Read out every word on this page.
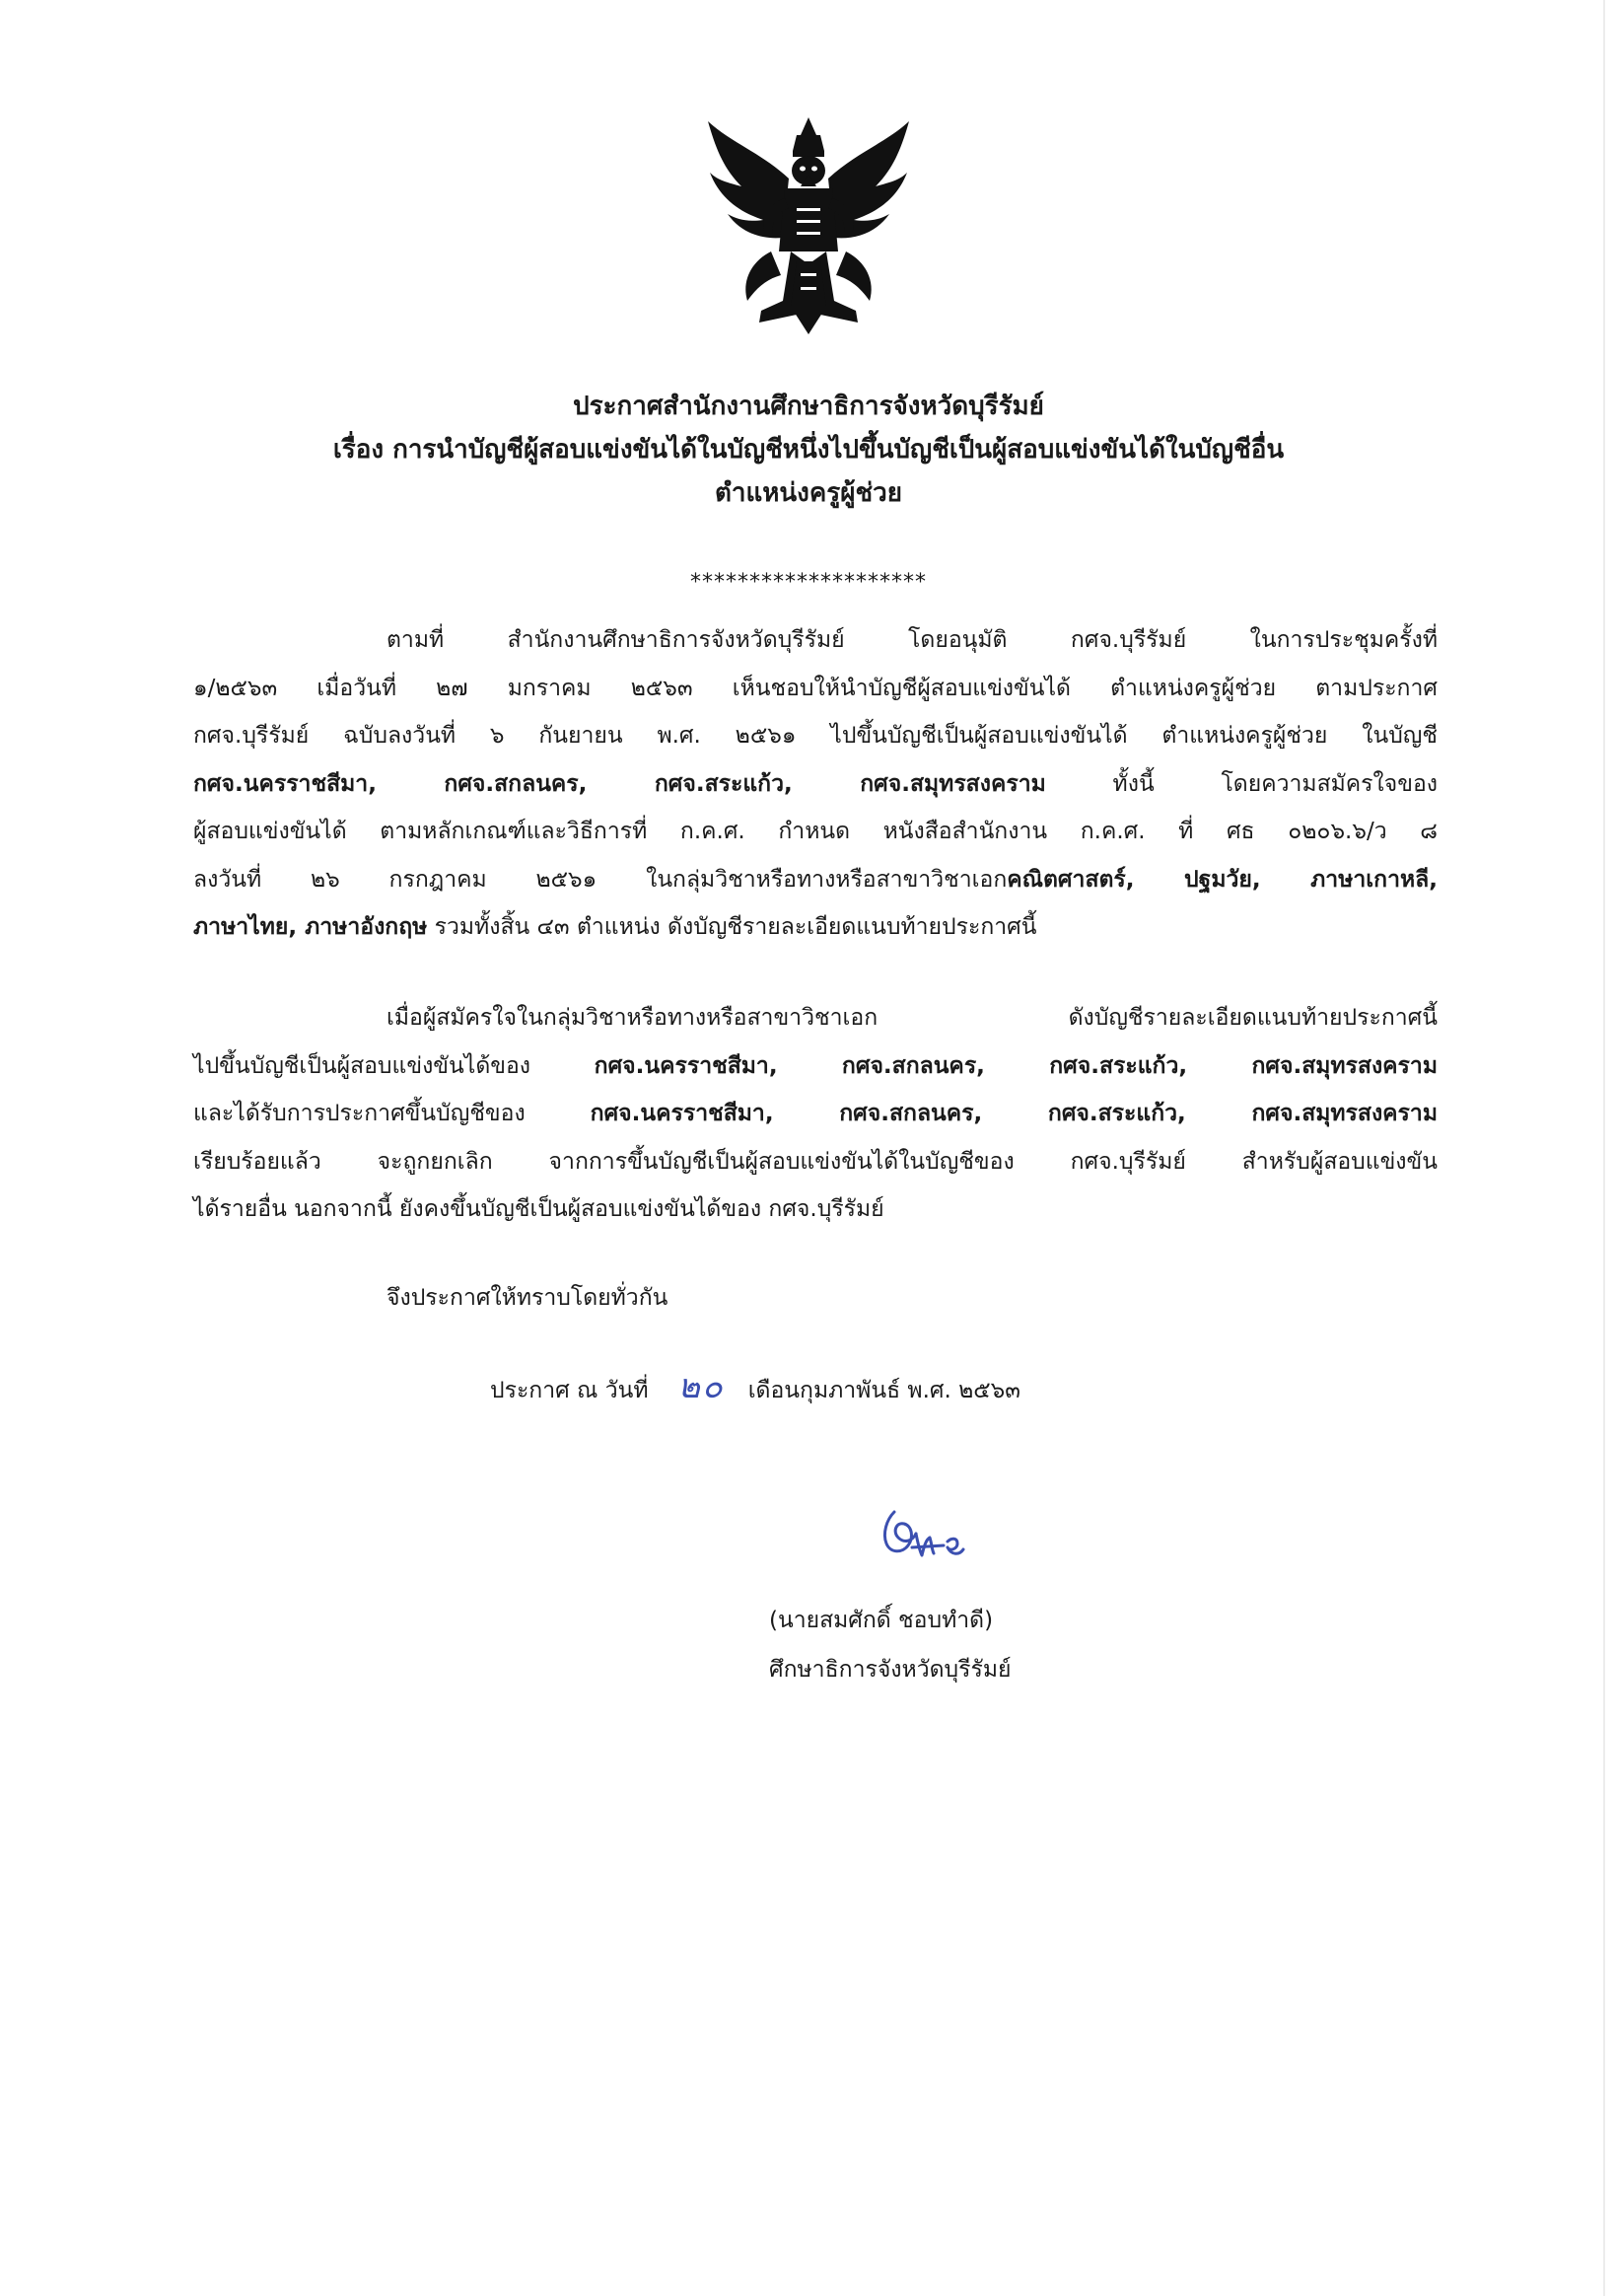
ประกาศสำนักงานศึกษาธิการจังหวัดบุรีรัมย์
เรื่อง การนำบัญชีผู้สอบแข่งขันได้ในบัญชีหนึ่งไปขึ้นบัญชีเป็นผู้สอบแข่งขันได้ในบัญชีอื่น
ตำแหน่งครูผู้ช่วย
********************
ตามที่ สำนักงานศึกษาธิการจังหวัดบุรีรัมย์ โดยอนุมัติ กศจ.บุรีรัมย์ ในการประชุมครั้งที่
๑/๒๕๖๓ เมื่อวันที่ ๒๗ มกราคม ๒๕๖๓ เห็นชอบให้นำบัญชีผู้สอบแข่งขันได้ ตำแหน่งครูผู้ช่วย ตามประกาศ
กศจ.บุรีรัมย์ ฉบับลงวันที่ ๖ กันยายน พ.ศ. ๒๕๖๑ ไปขึ้นบัญชีเป็นผู้สอบแข่งขันได้ ตำแหน่งครูผู้ช่วย ในบัญชี
กศจ.นครราชสีมา, กศจ.สกลนคร, กศจ.สระแก้ว, กศจ.สมุทรสงคราม ทั้งนี้ โดยความสมัครใจของ
ผู้สอบแข่งขันได้ ตามหลักเกณฑ์และวิธีการที่ ก.ค.ศ. กำหนด หนังสือสำนักงาน ก.ค.ศ. ที่ ศธ ๐๒๐๖.๖/ว ๘
ลงวันที่ ๒๖ กรกฎาคม ๒๕๖๑ ในกลุ่มวิชาหรือทางหรือสาขาวิชาเอกคณิตศาสตร์, ปฐมวัย, ภาษาเกาหลี,
ภาษาไทย, ภาษาอังกฤษ รวมทั้งสิ้น ๔๓ ตำแหน่ง ดังบัญชีรายละเอียดแนบท้ายประกาศนี้
เมื่อผู้สมัครใจในกลุ่มวิชาหรือทางหรือสาขาวิชาเอก ดังบัญชีรายละเอียดแนบท้ายประกาศนี้
ไปขึ้นบัญชีเป็นผู้สอบแข่งขันได้ของ กศจ.นครราชสีมา, กศจ.สกลนคร, กศจ.สระแก้ว, กศจ.สมุทรสงคราม
และได้รับการประกาศขึ้นบัญชีของ กศจ.นครราชสีมา, กศจ.สกลนคร, กศจ.สระแก้ว, กศจ.สมุทรสงคราม
เรียบร้อยแล้ว จะถูกยกเลิก จากการขึ้นบัญชีเป็นผู้สอบแข่งขันได้ในบัญชีของ กศจ.บุรีรัมย์ สำหรับผู้สอบแข่งขัน
ได้รายอื่น นอกจากนี้ ยังคงขึ้นบัญชีเป็นผู้สอบแข่งขันได้ของ กศจ.บุรีรัมย์
จึงประกาศให้ทราบโดยทั่วกัน
ประกาศ ณ วันที่ ๒๐ เดือนกุมภาพันธ์ พ.ศ. ๒๕๖๓
(นายสมศักดิ์ ชอบทำดี)
ศึกษาธิการจังหวัดบุรีรัมย์
